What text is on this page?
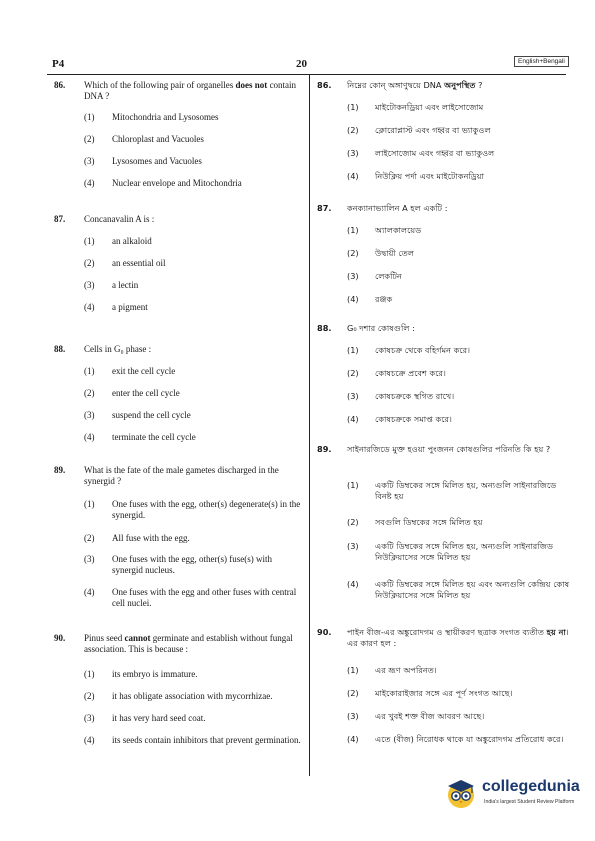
P4	20	English+Bengali
86. Which of the following pair of organelles does not contain DNA ?
(1) Mitochondria and Lysosomes
(2) Chloroplast and Vacuoles
(3) Lysosomes and Vacuoles
(4) Nuclear envelope and Mitochondria
87. Concanavalin A is :
(1) an alkaloid
(2) an essential oil
(3) a lectin
(4) a pigment
88. Cells in G₀ phase :
(1) exit the cell cycle
(2) enter the cell cycle
(3) suspend the cell cycle
(4) terminate the cell cycle
89. What is the fate of the male gametes discharged in the synergid ?
(1) One fuses with the egg, other(s) degenerate(s) in the synergid.
(2) All fuse with the egg.
(3) One fuses with the egg, other(s) fuse(s) with synergid nucleus.
(4) One fuses with the egg and other fuses with central cell nuclei.
90. Pinus seed cannot germinate and establish without fungal association. This is because :
(1) its embryo is immature.
(2) it has obligate association with mycorrhizae.
(3) it has very hard seed coat.
(4) its seeds contain inhibitors that prevent germination.
86. নিম্নের কোন্ অঙ্গাণুদ্বয়ে DNA অনুপস্থিত ?
(1) মাইটোকনড্রিয়া এবং লাইসোজোম
(2) ক্লোরোপ্লাস্ট এবং গহ্বর বা ভ্যাকুওল
(3) লাইসোজোম এবং গহ্বর বা ভ্যাকুওল
(4) নিউক্লিয় পর্দা এবং মাইটোকনড্রিয়া
87. কনক্যানাভ্যালিন A হল একটি :
(1) অ্যালকালয়েড
(2) উদ্বায়ী তেল
(3) লেকটিন
(4) রঞ্জক
88. G₀ দশার কোষগুলি :
(1) কোষচক্র থেকে বহির্গমন করে।
(2) কোষচক্রে প্রবেশ করে।
(3) কোষচক্রকে স্থগিত রাখে।
(4) কোষচক্রকে সমাপ্ত করে।
89. সাইনারজিডে মুক্ত হওয়া পুংজনন কোষগুলির পরিনতি কি হয় ?
(1) একটি ডিম্বকের সঙ্গে মিলিত হয়, অন্যগুলি সাইনারজিডে বিনষ্ট হয়
(2) সবগুলি ডিম্বকের সঙ্গে মিলিত হয়
(3) একটি ডিম্বকের সঙ্গে মিলিত হয়, অন্যগুলি সাইনারজিড নিউক্লিয়াসের সঙ্গে মিলিত হয়
(4) একটি ডিম্বকের সঙ্গে মিলিত হয় এবং অন্যগুলি কেন্দ্রিয় কোষ নিউক্লিয়াসের সঙ্গে মিলিত হয়
90. পাইন বীজ-এর অঙ্কুরোদগম ও স্থায়ীকরণ ছত্রাক সংগত ব্যতীত হয় না। এর কারণ হল :
(1) এর ভ্রূণ অপরিনত।
(2) মাইকোরাইজার সঙ্গে এর পূর্ণ সংগত আছে।
(3) এর খুবই শক্ত বীজ আবরণ আছে।
(4) এতে (বীজ) নিরোধক থাকে যা অঙ্কুরোদগম প্রতিরোধ করে।
collegedunia
India's largest Student Review Platform
